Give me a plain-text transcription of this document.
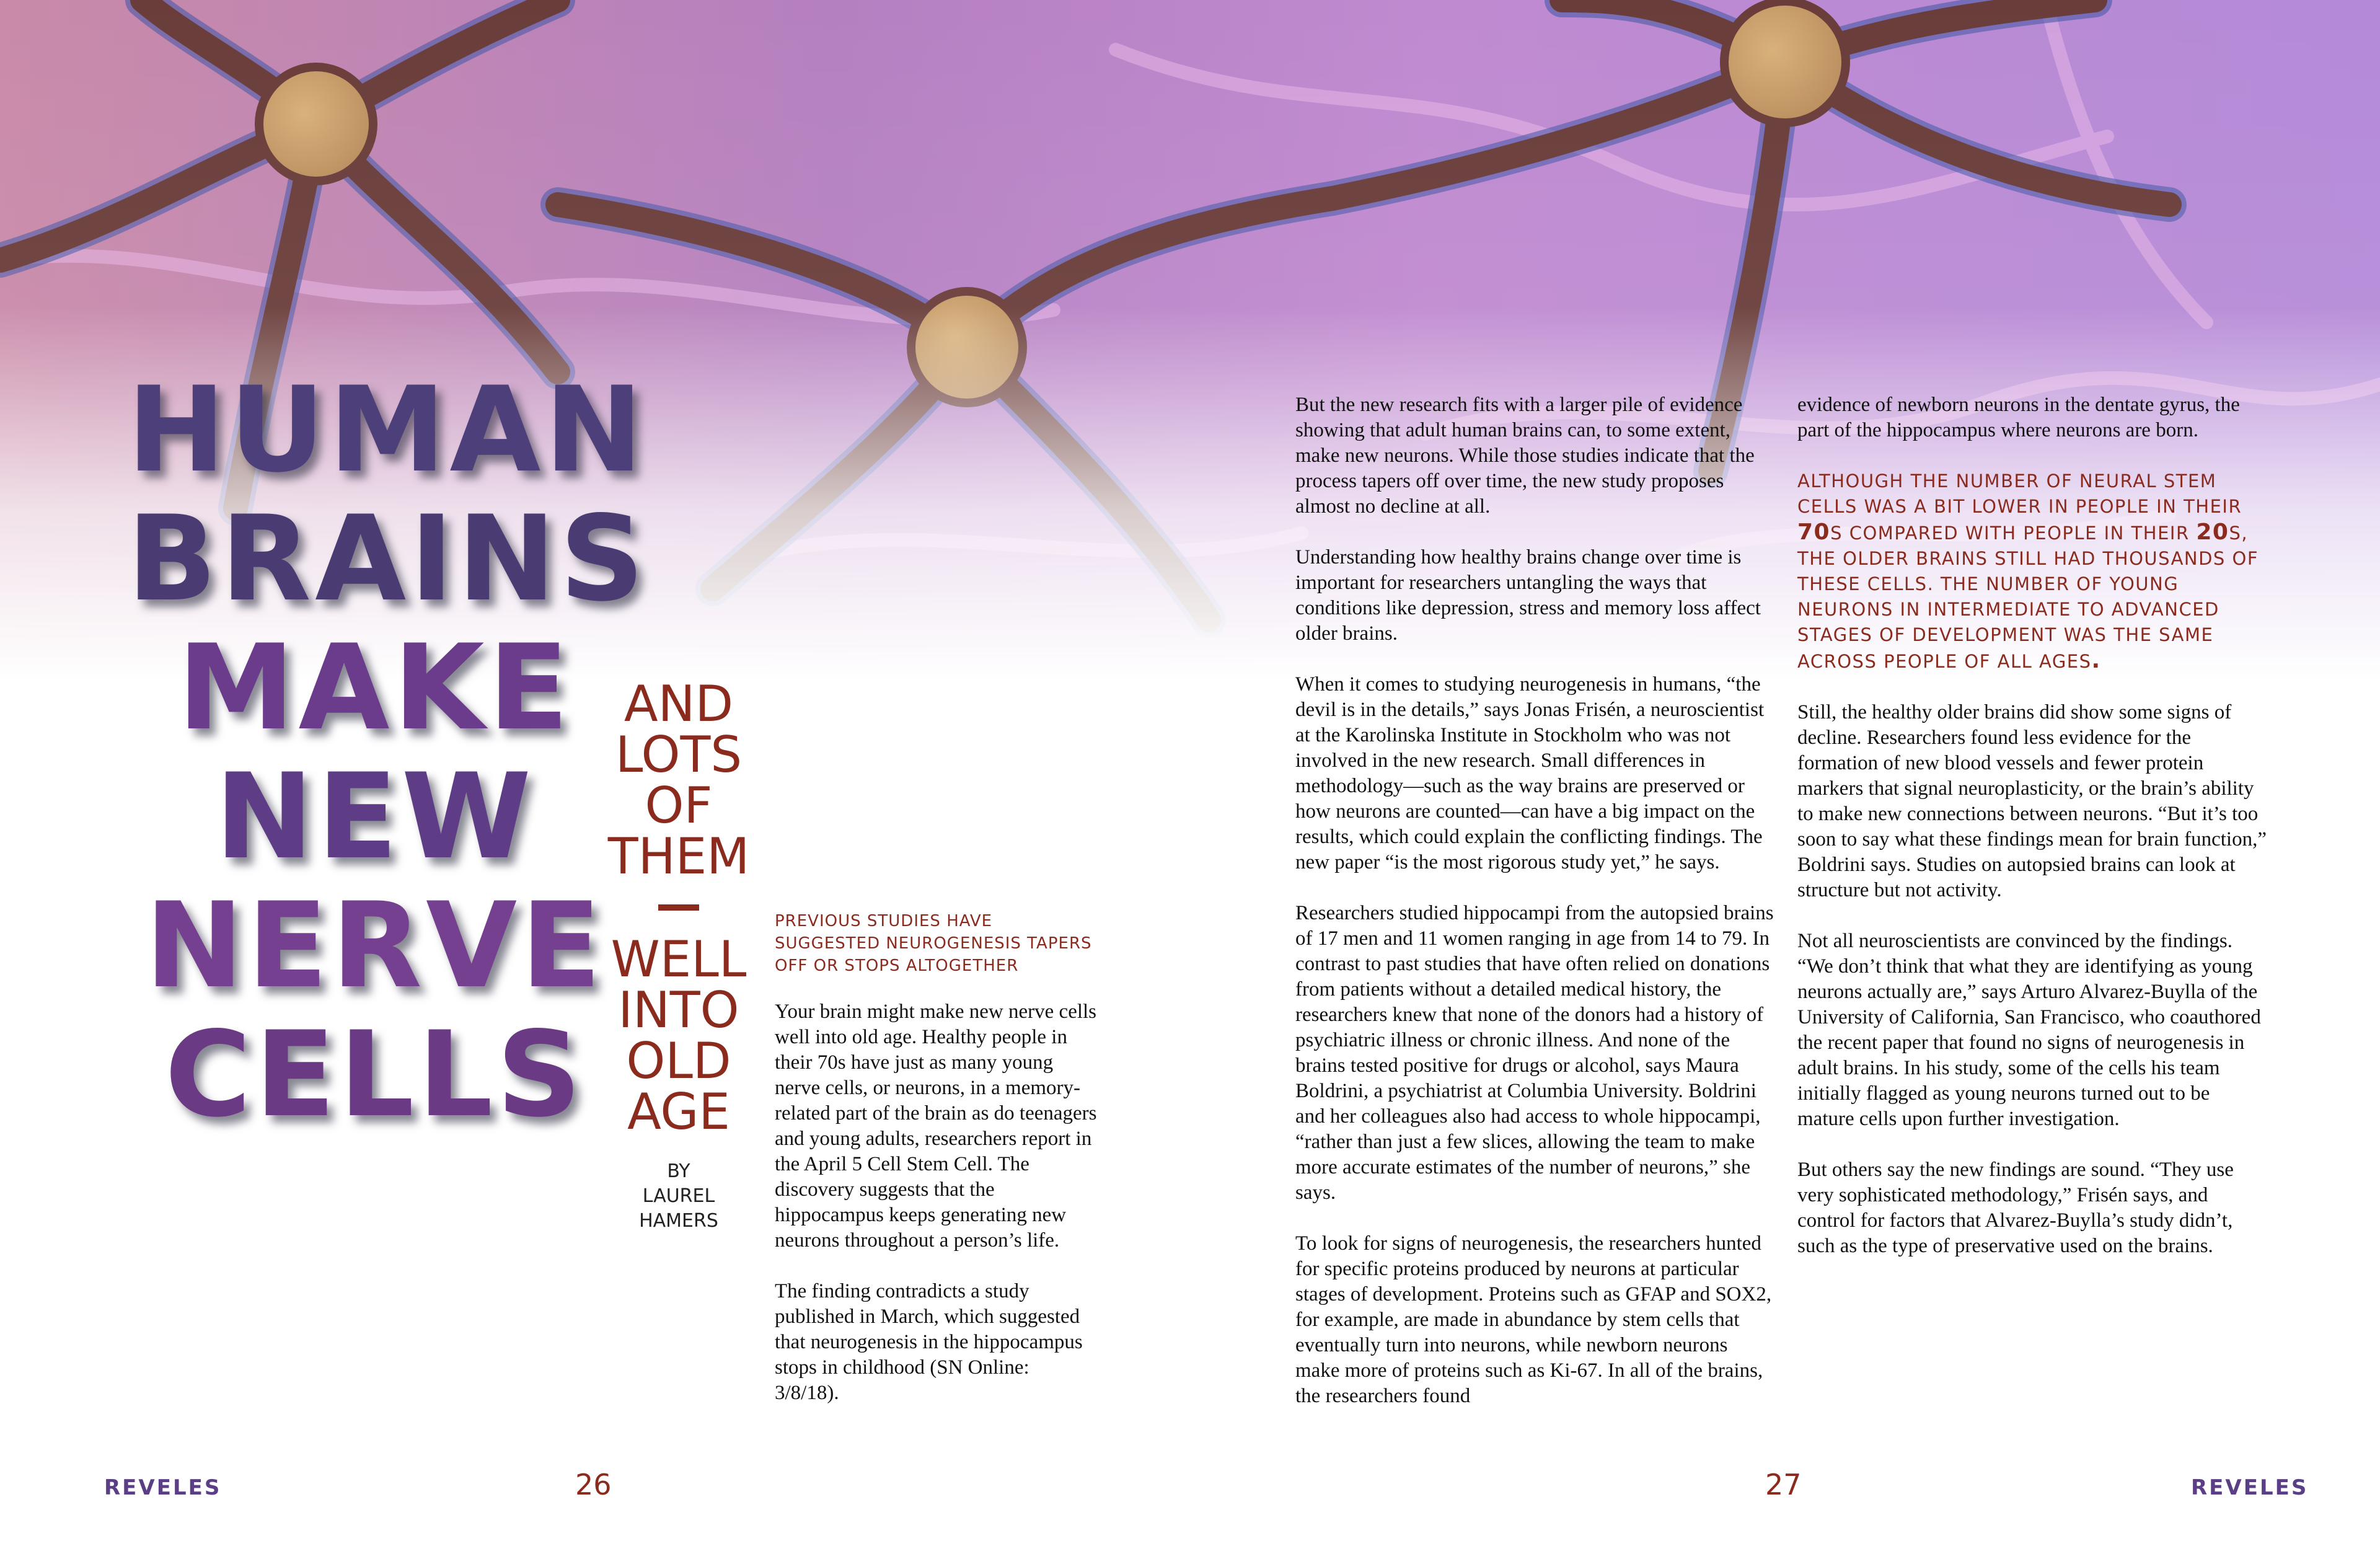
HUMAN
BRAINS
MAKE
NEW
NERVE
CELLS
AND
LOTS
OF
THEM
WELL
INTO
OLD
AGE
BY
LAUREL
HAMERS
PREVIOUS STUDIES HAVE SUGGESTED NEUROGENESIS TAPERS OFF OR STOPS ALTOGETHER

Your brain might make new nerve cells well into old age. Healthy people in their 70s have just as many young nerve cells, or neurons, in a memory-related part of the brain as do teenagers and young adults, researchers report in the April 5 Cell Stem Cell. The discovery suggests that the hippocampus keeps generating new neurons throughout a person’s life.

The finding contradicts a study published in March, which suggested that neurogenesis in the hippocampus stops in childhood (SN Online: 3/8/18).

But the new research fits with a larger pile of evidence showing that adult human brains can, to some extent, make new neurons. While those studies indicate that the process tapers off over time, the new study proposes almost no decline at all.

Understanding how healthy brains change over time is important for researchers untangling the ways that conditions like depression, stress and memory loss affect older brains.

When it comes to studying neurogenesis in humans, “the devil is in the details,” says Jonas Frisén, a neuroscientist at the Karolinska Institute in Stockholm who was not involved in the new research. Small differences in methodology—such as the way brains are preserved or how neurons are counted—can have a big impact on the results, which could explain the conflicting findings. The new paper “is the most rigorous study yet,” he says.

Researchers studied hippocampi from the autopsied brains of 17 men and 11 women ranging in age from 14 to 79. In contrast to past studies that have often relied on donations from patients without a detailed medical history, the researchers knew that none of the donors had a history of psychiatric illness or chronic illness. And none of the brains tested positive for drugs or alcohol, says Maura Boldrini, a psychiatrist at Columbia University. Boldrini and her colleagues also had access to whole hippocampi, “rather than just a few slices, allowing the team to make more accurate estimates of the number of neurons,” she says.

To look for signs of neurogenesis, the researchers hunted for specific proteins produced by neurons at particular stages of development. Proteins such as GFAP and SOX2, for example, are made in abundance by stem cells that eventually turn into neurons, while newborn neurons make more of proteins such as Ki-67. In all of the brains, the researchers found

evidence of newborn neurons in the dentate gyrus, the part of the hippocampus where neurons are born.

ALTHOUGH THE NUMBER OF NEURAL STEM CELLS WAS A BIT LOWER IN PEOPLE IN THEIR 70S COMPARED WITH PEOPLE IN THEIR 20S, THE OLDER BRAINS STILL HAD THOUSANDS OF THESE CELLS. THE NUMBER OF YOUNG NEURONS IN INTERMEDIATE TO ADVANCED STAGES OF DEVELOPMENT WAS THE SAME ACROSS PEOPLE OF ALL AGES.

Still, the healthy older brains did show some signs of decline. Researchers found less evidence for the formation of new blood vessels and fewer protein markers that signal neuroplasticity, or the brain’s ability to make new connections between neurons. “But it’s too soon to say what these findings mean for brain function,” Boldrini says. Studies on autopsied brains can look at structure but not activity.

Not all neuroscientists are convinced by the findings. “We don’t think that what they are identifying as young neurons actually are,” says Arturo Alvarez-Buylla of the University of California, San Francisco, who coauthored the recent paper that found no signs of neurogenesis in adult brains. In his study, some of the cells his team initially flagged as young neurons turned out to be mature cells upon further investigation.

But others say the new findings are sound. “They use very sophisticated methodology,” Frisén says, and control for factors that Alvarez-Buylla’s study didn’t, such as the type of preservative used on the brains.

REVELES	26	27	REVELES
